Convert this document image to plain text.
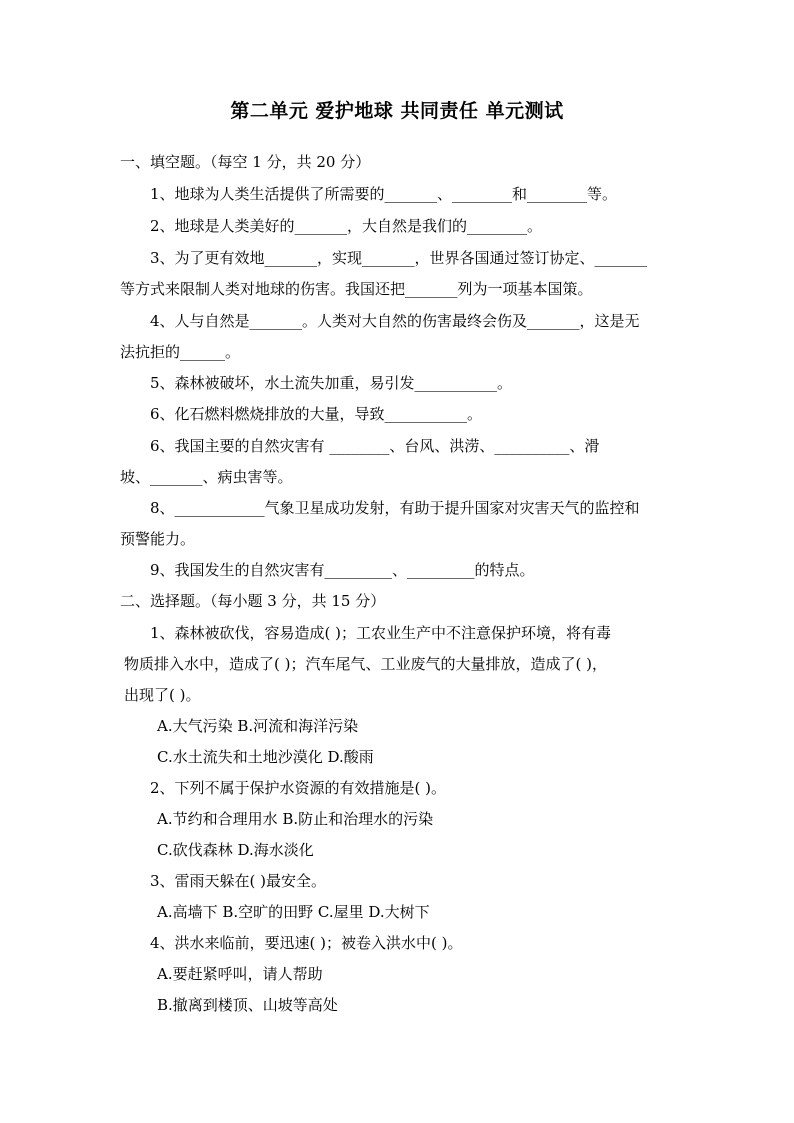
第二单元 爱护地球 共同责任 单元测试

一、填空题。（每空 1 分，共 20 分）

1、地球为人类生活提供了所需要的_______、________和________等。

2、地球是人类美好的_______，大自然是我们的________。

3、为了更有效地_______，实现_______，世界各国通过签订协定、_______

等方式来限制人类对地球的伤害。我国还把_______列为一项基本国策。

4、人与自然是_______。人类对大自然的伤害最终会伤及_______，这是无

法抗拒的______。

5、森林被破坏，水土流失加重，易引发___________。

6、化石燃料燃烧排放的大量，导致___________。

6、我国主要的自然灾害有 ________、台风、洪涝、__________、滑

坡、_______、病虫害等。

8、____________气象卫星成功发射，有助于提升国家对灾害天气的监控和

预警能力。

9、我国发生的自然灾害有_________、_________的特点。

二、选择题。（每小题 3 分，共 15 分）

1、森林被砍伐，容易造成( )；工农业生产中不注意保护环境，将有毒

物质排入水中，造成了( )；汽车尾气、工业废气的大量排放，造成了( )，

出现了( )。

A.大气污染 B.河流和海洋污染

C.水土流失和土地沙漠化 D.酸雨

2、下列不属于保护水资源的有效措施是( )。

A.节约和合理用水 B.防止和治理水的污染

C.砍伐森林 D.海水淡化

3、雷雨天躲在( )最安全。

A.高墙下 B.空旷的田野 C.屋里 D.大树下

4、洪水来临前，要迅速( )；被卷入洪水中( )。

A.要赶紧呼叫，请人帮助

B.撤离到楼顶、山坡等高处
